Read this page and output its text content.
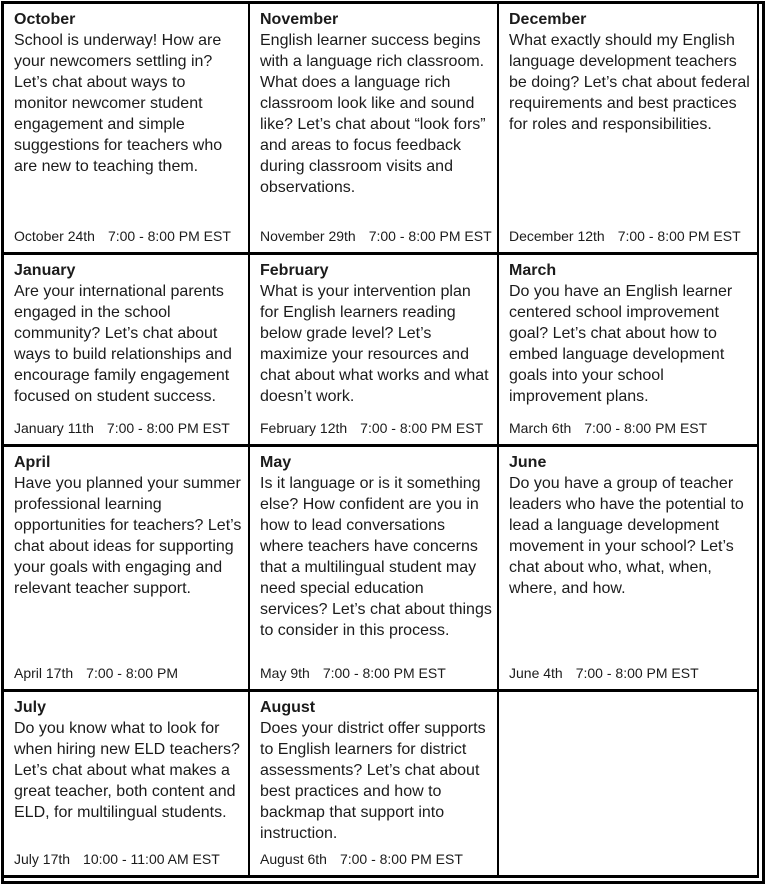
October
School is underway! How are your newcomers settling in? Let’s chat about ways to monitor newcomer student engagement and simple suggestions for teachers who are new to teaching them.
October 24th 7:00 - 8:00 PM EST
November
English learner success begins with a language rich classroom. What does a language rich classroom look like and sound like? Let’s chat about “look fors” and areas to focus feedback during classroom visits and observations.
November 29th 7:00 - 8:00 PM EST
December
What exactly should my English language development teachers be doing? Let’s chat about federal requirements and best practices for roles and responsibilities.
December 12th 7:00 - 8:00 PM EST
January
Are your international parents engaged in the school community? Let’s chat about ways to build relationships and encourage family engagement focused on student success.
January 11th 7:00 - 8:00 PM EST
February
What is your intervention plan for English learners reading below grade level? Let’s maximize your resources and chat about what works and what doesn’t work.
February 12th 7:00 - 8:00 PM EST
March
Do you have an English learner centered school improvement goal? Let’s chat about how to embed language development goals into your school improvement plans.
March 6th 7:00 - 8:00 PM EST
April
Have you planned your summer professional learning opportunities for teachers? Let’s chat about ideas for supporting your goals with engaging and relevant teacher support.
April 17th 7:00 - 8:00 PM
May
Is it language or is it something else? How confident are you in how to lead conversations where teachers have concerns that a multilingual student may need special education services? Let’s chat about things to consider in this process.
May 9th 7:00 - 8:00 PM EST
June
Do you have a group of teacher leaders who have the potential to lead a language development movement in your school? Let’s chat about who, what, when, where, and how.
June 4th 7:00 - 8:00 PM EST
July
Do you know what to look for when hiring new ELD teachers? Let’s chat about what makes a great teacher, both content and ELD, for multilingual students.
July 17th 10:00 - 11:00 AM EST
August
Does your district offer supports to English learners for district assessments? Let’s chat about best practices and how to backmap that support into instruction.
August 6th 7:00 - 8:00 PM EST
